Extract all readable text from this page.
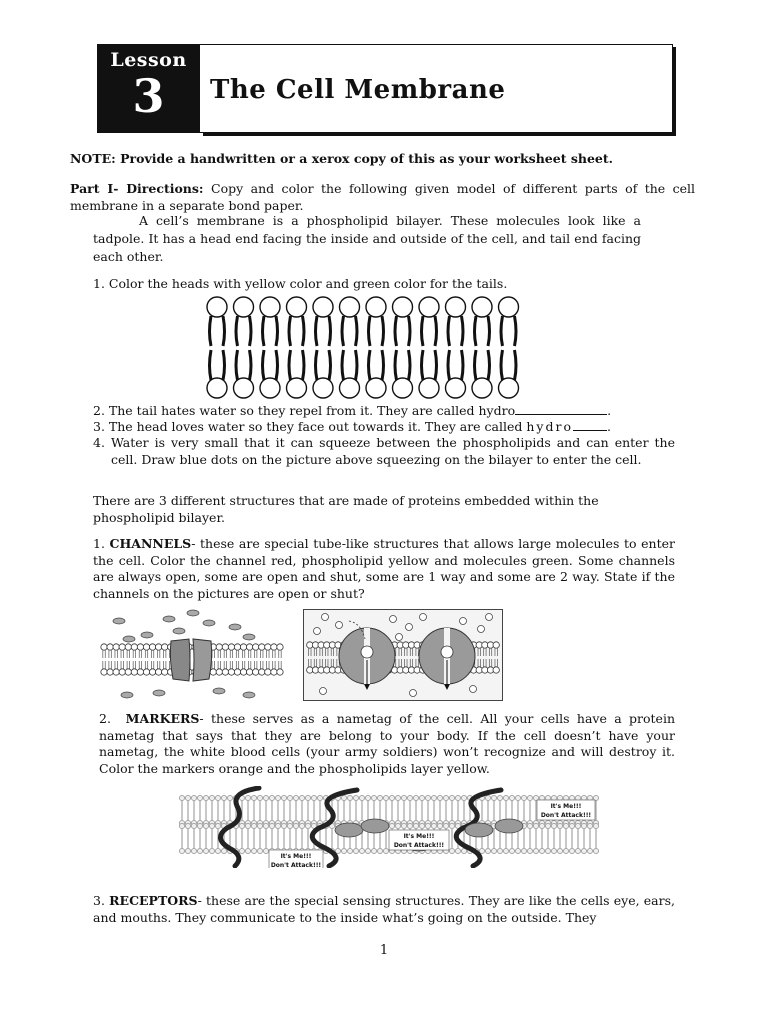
Lesson
3	The Cell Membrane
NOTE: Provide a handwritten or a xerox copy of this as your worksheet sheet.
Part I- Directions: Copy and color the following given model of different parts of the cell membrane in a separate bond paper.
A cell’s membrane is a phospholipid bilayer. These molecules look like a tadpole. It has a head end facing the inside and outside of the cell, and tail end facing each other.
1. Color the heads with yellow color and green color for the tails.
2. The tail hates water so they repel from it. They are called hydro	.
3. The head loves water so they face out towards it. They are called hydro	.
4. Water is very small that it can squeeze between the phospholipids and can enter the cell. Draw blue dots on the picture above squeezing on the bilayer to enter the cell.
There are 3 different structures that are made of proteins embedded within the phospholipid bilayer.
1. CHANNELS- these are special tube-like structures that allows large molecules to enter the cell. Color the channel red, phospholipid yellow and molecules green. Some channels are always open, some are open and shut, some are 1 way and some are 2 way. State if the channels on the pictures are open or shut?
2. MARKERS- these serves as a nametag of the cell. All your cells have a protein nametag that says that they are belong to your body. If the cell doesn’t have your nametag, the white blood cells (your army soldiers) won’t recognize and will destroy it. Color the markers orange and the phospholipids layer yellow.
It's Me!!!
Don't Attack!!!
It's Me!!!
Don't Attack!!!
It's Me!!!
Don't Attack!!!
3. RECEPTORS- these are the special sensing structures. They are like the cells eye, ears, and mouths. They communicate to the inside what’s going on the outside. They
1
